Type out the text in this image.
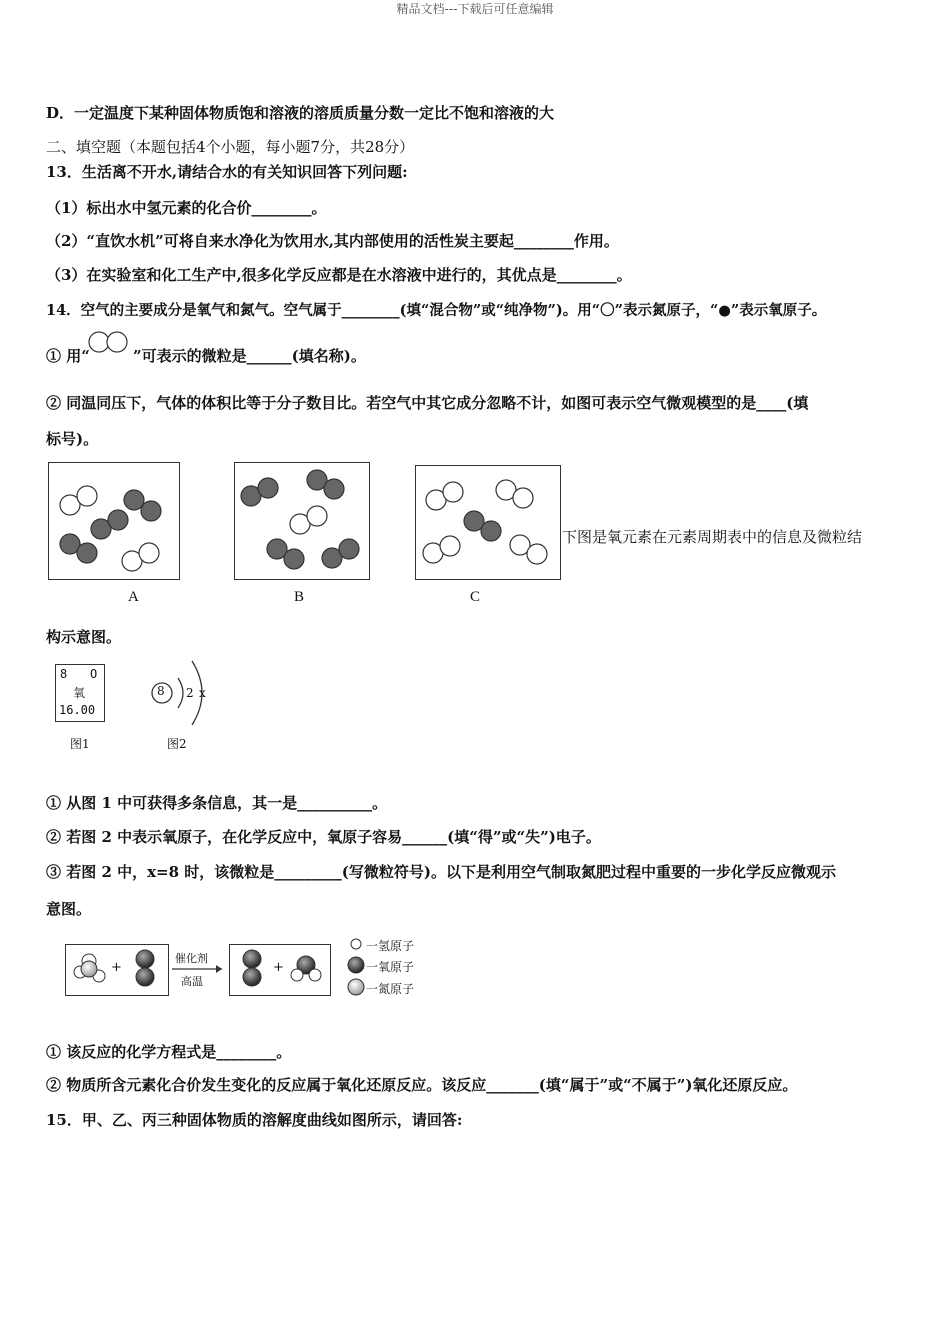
精品文档---下载后可任意编辑
D．一定温度下某种固体物质饱和溶液的溶质质量分数一定比不饱和溶液的大
二、填空题（本题包括4个小题，每小题7分，共28分）
13．生活离不开水,请结合水的有关知识回答下列问题:
（1）标出水中氢元素的化合价________。
（2）“直饮水机”可将自来水净化为饮用水,其内部使用的活性炭主要起________作用。
（3）在实验室和化工生产中,很多化学反应都是在水溶液中进行的，其优点是________。
14．空气的主要成分是氧气和氮气。空气属于________(填“混合物”或“纯净物”)。用“〇”表示氮原子，“●”表示氧原子。
① 用“	”可表示的微粒是______(填名称)。
② 同温同压下，气体的体积比等于分子数目比。若空气中其它成分忽略不计，如图可表示空气微观模型的是____(填
标号)。
A	B	C
下图是氧元素在元素周期表中的信息及微粒结
构示意图。
8 O
氧
16.00
8 2 x
图1	图2
① 从图 1 中可获得多条信息，其一是__________。
② 若图 2 中表示氧原子，在化学反应中，氧原子容易______(填“得”或“失”)电子。
③ 若图 2 中，x=8 时，该微粒是_________(写微粒符号)。以下是利用空气制取氮肥过程中重要的一步化学反应微观示
意图。
+	+
催化剂
高温
一氢原子
一氧原子
一氮原子
① 该反应的化学方程式是________。
② 物质所含元素化合价发生变化的反应属于氧化还原反应。该反应_______(填“属于”或“不属于”)氧化还原反应。
15．甲、乙、丙三种固体物质的溶解度曲线如图所示，请回答:
